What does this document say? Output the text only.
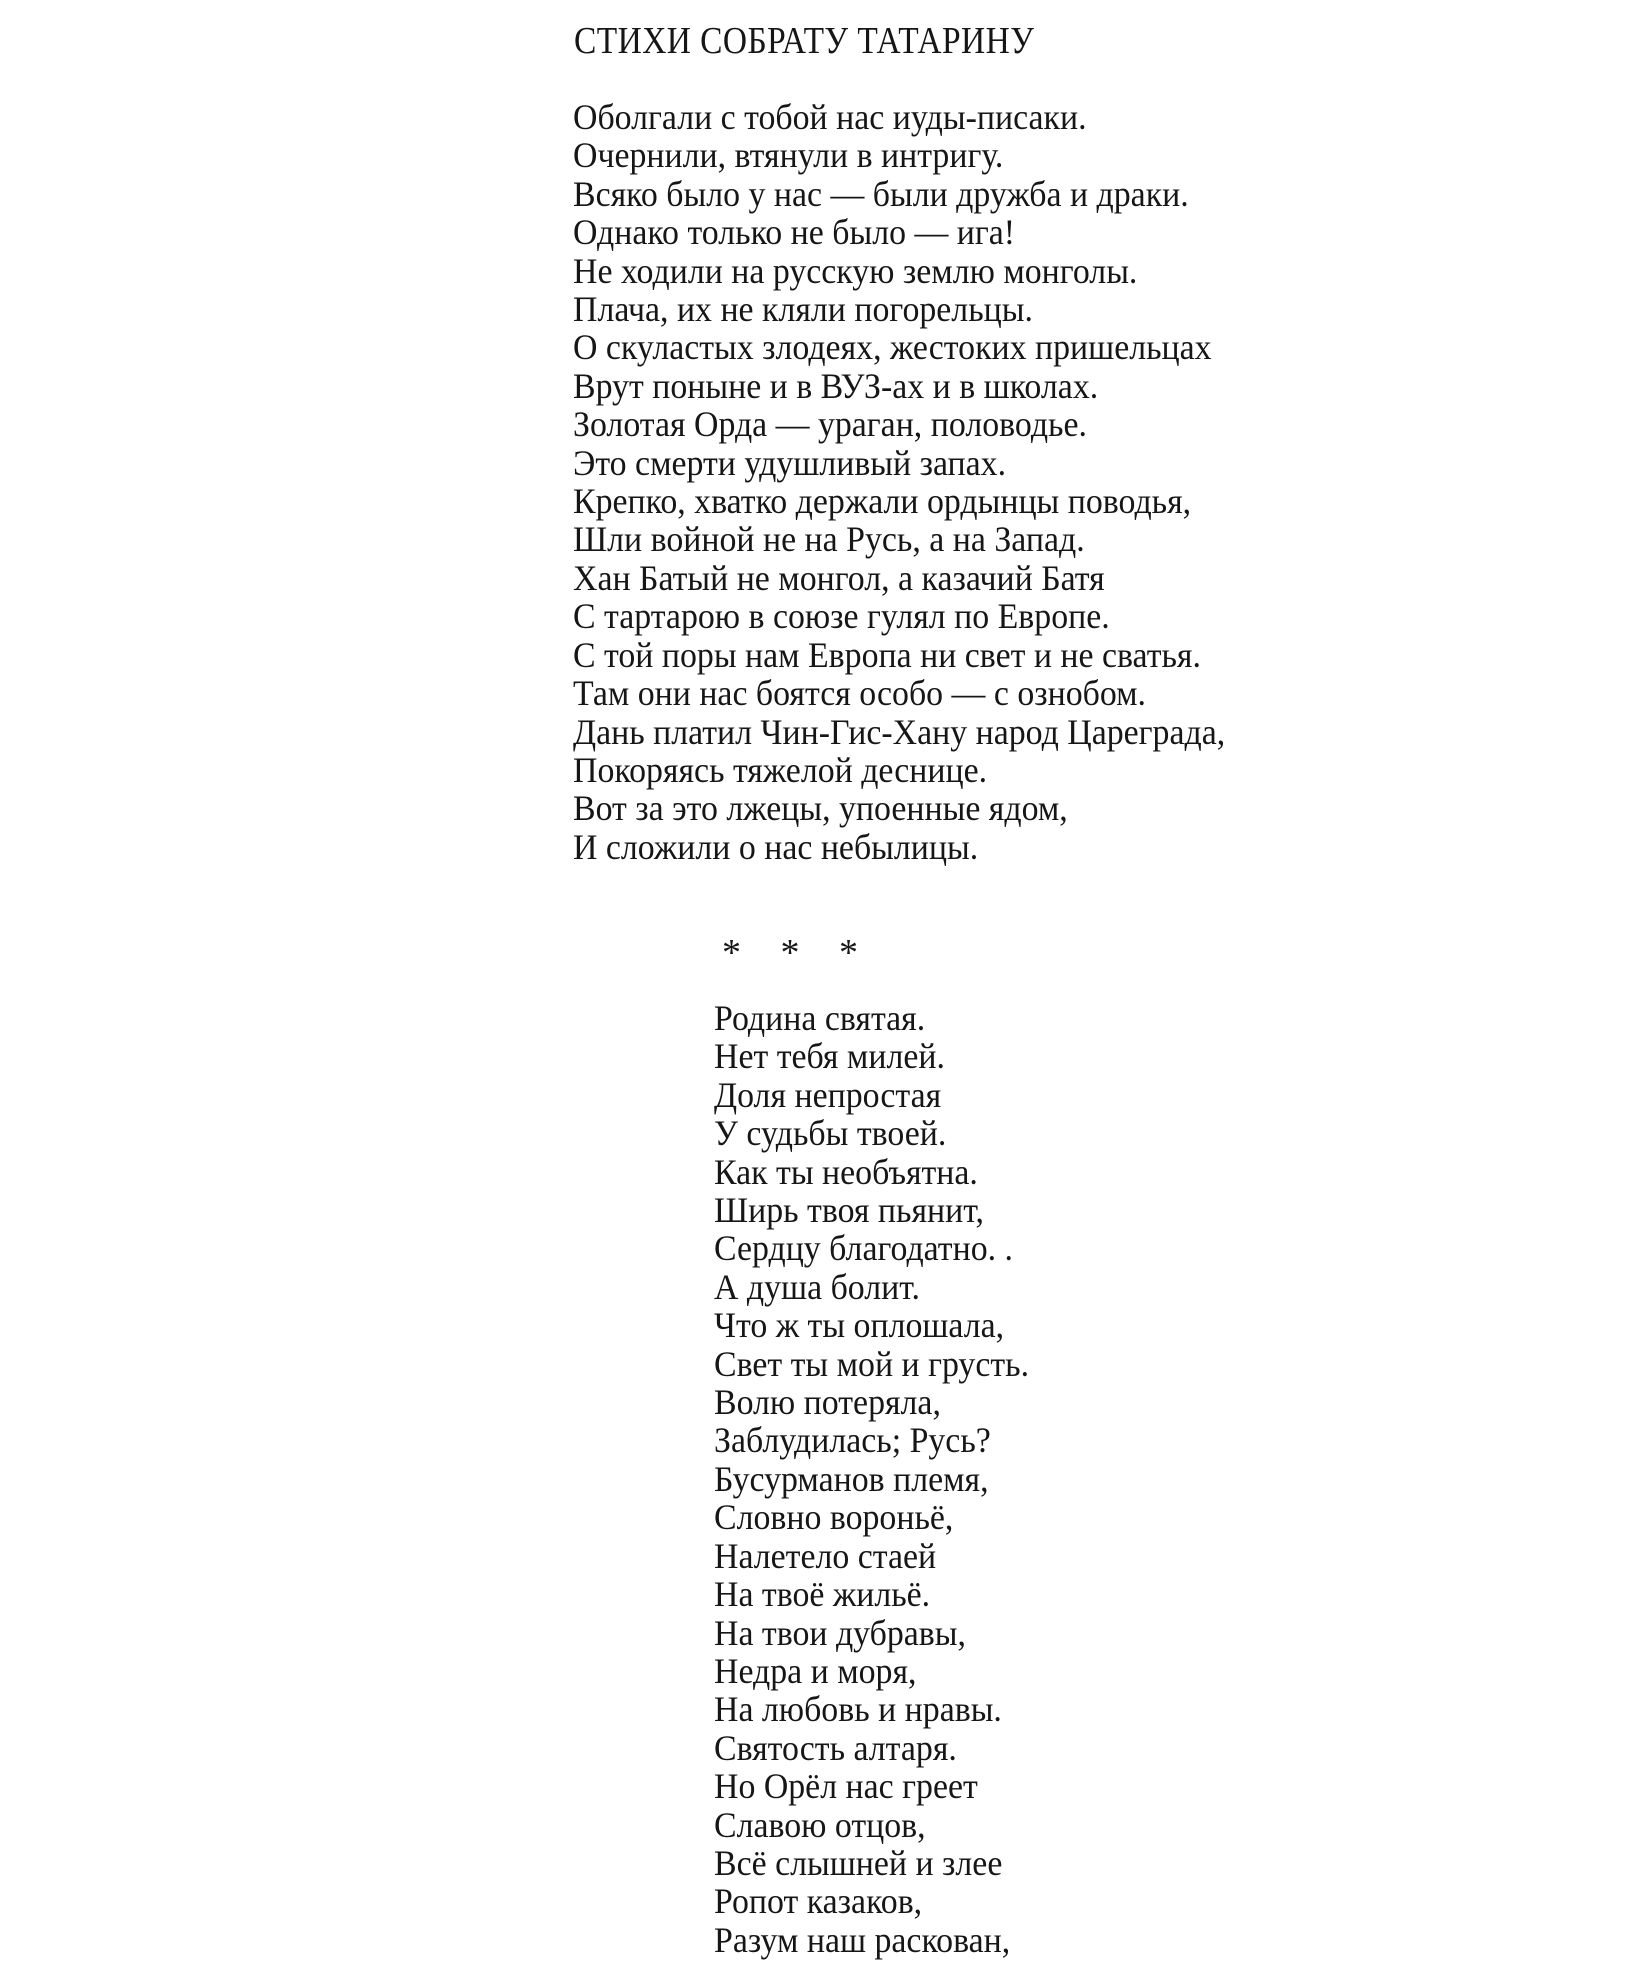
СТИХИ СОБРАТУ ТАТАРИНУ
Оболгали с тобой нас иуды-писаки.
Очернили, втянули в интригу.
Всяко было у нас — были дружба и драки.
Однако только не было — ига!
Не ходили на русскую землю монголы.
Плача, их не кляли погорельцы.
О скуластых злодеях, жестоких пришельцах
Врут поныне и в ВУЗ-ах и в школах.
Золотая Орда — ураган, половодье.
Это смерти удушливый запах.
Крепко, хватко держали ордынцы поводья,
Шли войной не на Русь, а на Запад.
Хан Батый не монгол, а казачий Батя
С тартарою в союзе гулял по Европе.
С той поры нам Европа ни свет и не сватья.
Там они нас боятся особо — с ознобом.
Дань платил Чин-Гис-Хану народ Цареграда,
Покоряясь тяжелой деснице.
Вот за это лжецы, упоенные ядом,
И сложили о нас небылицы.
* * *
Родина святая.
Нет тебя милей.
Доля непростая
У судьбы твоей.
Как ты необъятна.
Ширь твоя пьянит,
Сердцу благодатно. .
А душа болит.
Что ж ты оплошала,
Свет ты мой и грусть.
Волю потеряла,
Заблудилась; Русь?
Бусурманов племя,
Словно вороньё,
Налетело стаей
На твоё жильё.
На твои дубравы,
Недра и моря,
На любовь и нравы.
Святость алтаря.
Но Орёл нас греет
Славою отцов,
Всё слышней и злее
Ропот казаков,
Разум наш раскован,
